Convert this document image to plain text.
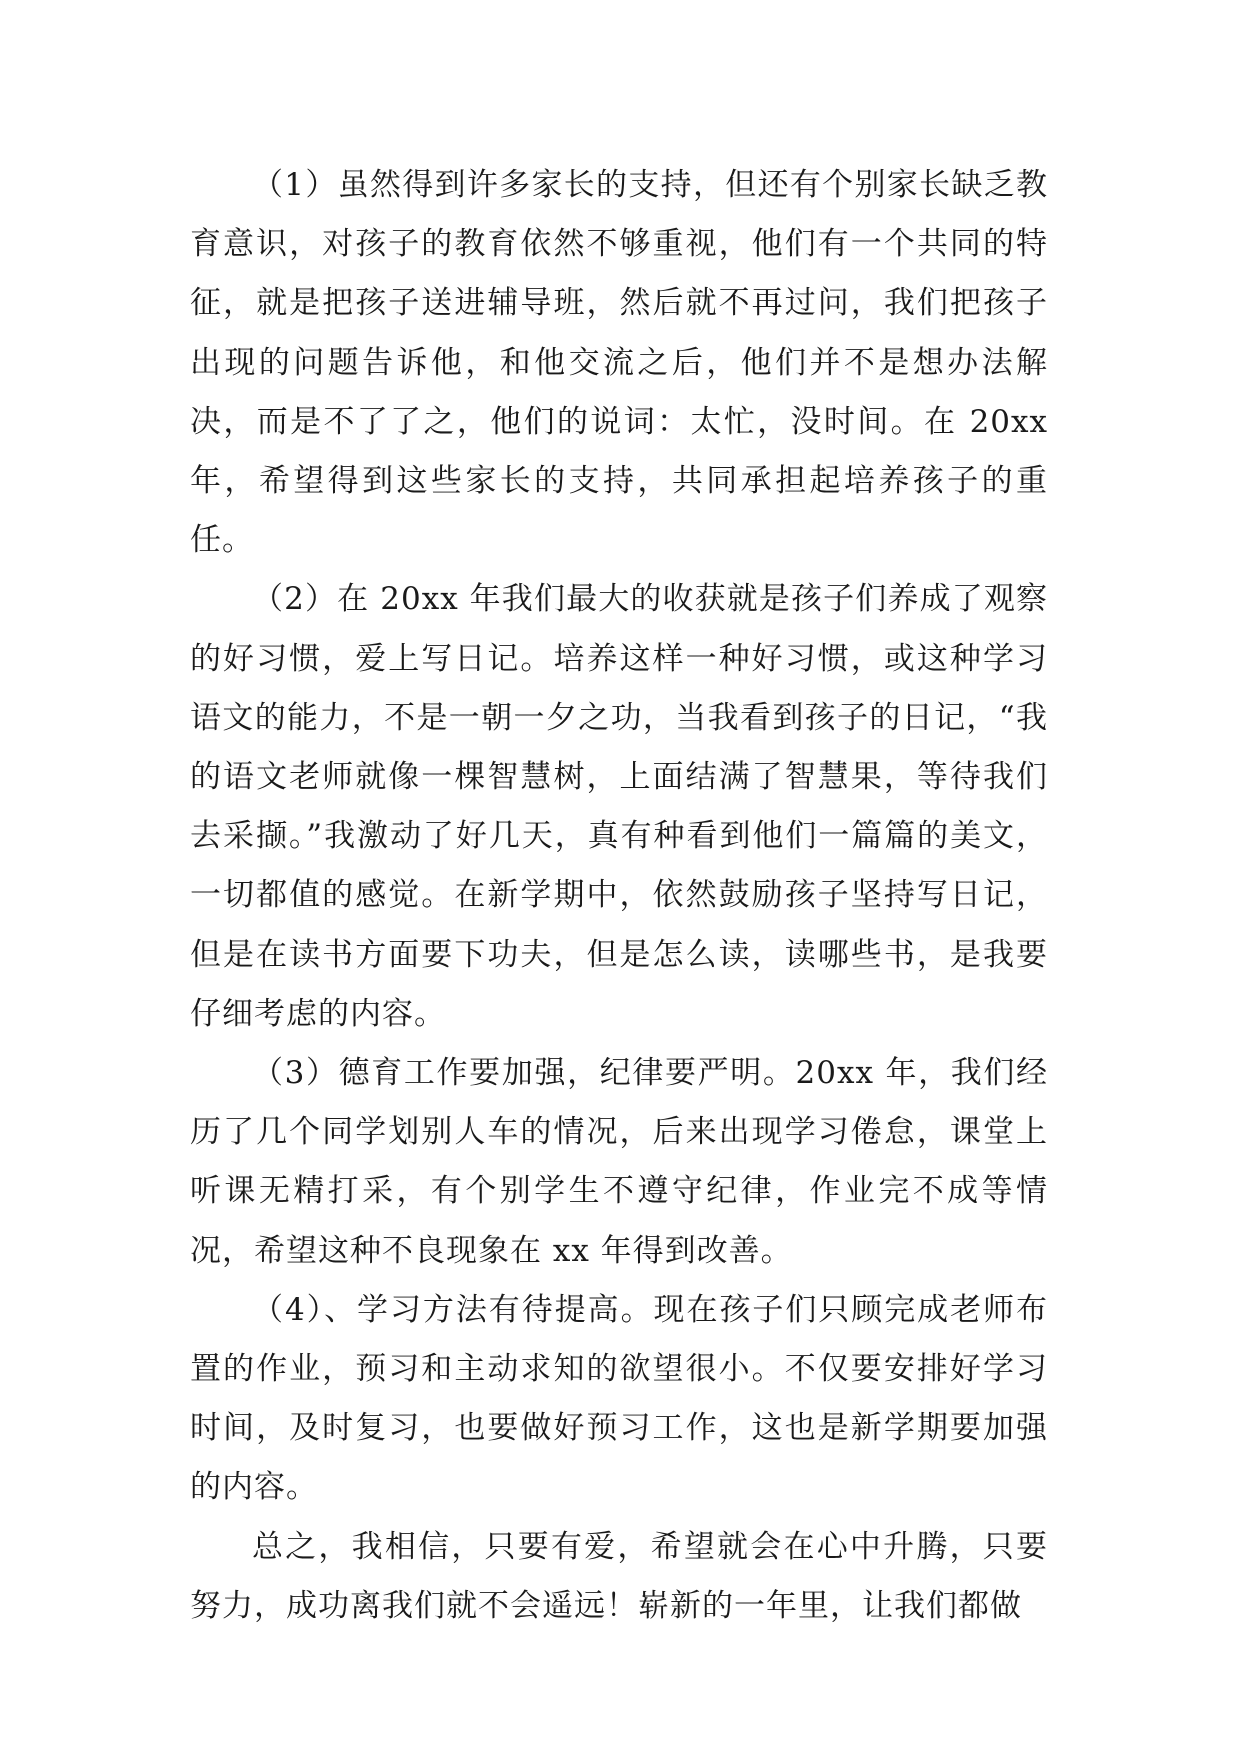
（1）虽然得到许多家长的支持，但还有个别家长缺乏教育意识，对孩子的教育依然不够重视，他们有一个共同的特征，就是把孩子送进辅导班，然后就不再过问，我们把孩子出现的问题告诉他，和他交流之后，他们并不是想办法解决，而是不了了之，他们的说词：太忙，没时间。在 20xx 年，希望得到这些家长的支持，共同承担起培养孩子的重任。

（2）在 20xx 年我们最大的收获就是孩子们养成了观察的好习惯，爱上写日记。培养这样一种好习惯，或这种学习语文的能力，不是一朝一夕之功，当我看到孩子的日记，“我的语文老师就像一棵智慧树，上面结满了智慧果，等待我们去采撷。”我激动了好几天，真有种看到他们一篇篇的美文，一切都值的感觉。在新学期中，依然鼓励孩子坚持写日记，但是在读书方面要下功夫，但是怎么读，读哪些书，是我要仔细考虑的内容。

（3）德育工作要加强，纪律要严明。20xx 年，我们经历了几个同学划别人车的情况，后来出现学习倦怠，课堂上听课无精打采，有个别学生不遵守纪律，作业完不成等情况，希望这种不良现象在 xx 年得到改善。

（4）、学习方法有待提高。现在孩子们只顾完成老师布置的作业，预习和主动求知的欲望很小。不仅要安排好学习时间，及时复习，也要做好预习工作，这也是新学期要加强的内容。

总之，我相信，只要有爱，希望就会在心中升腾，只要努力，成功离我们就不会遥远！崭新的一年里，让我们都做
